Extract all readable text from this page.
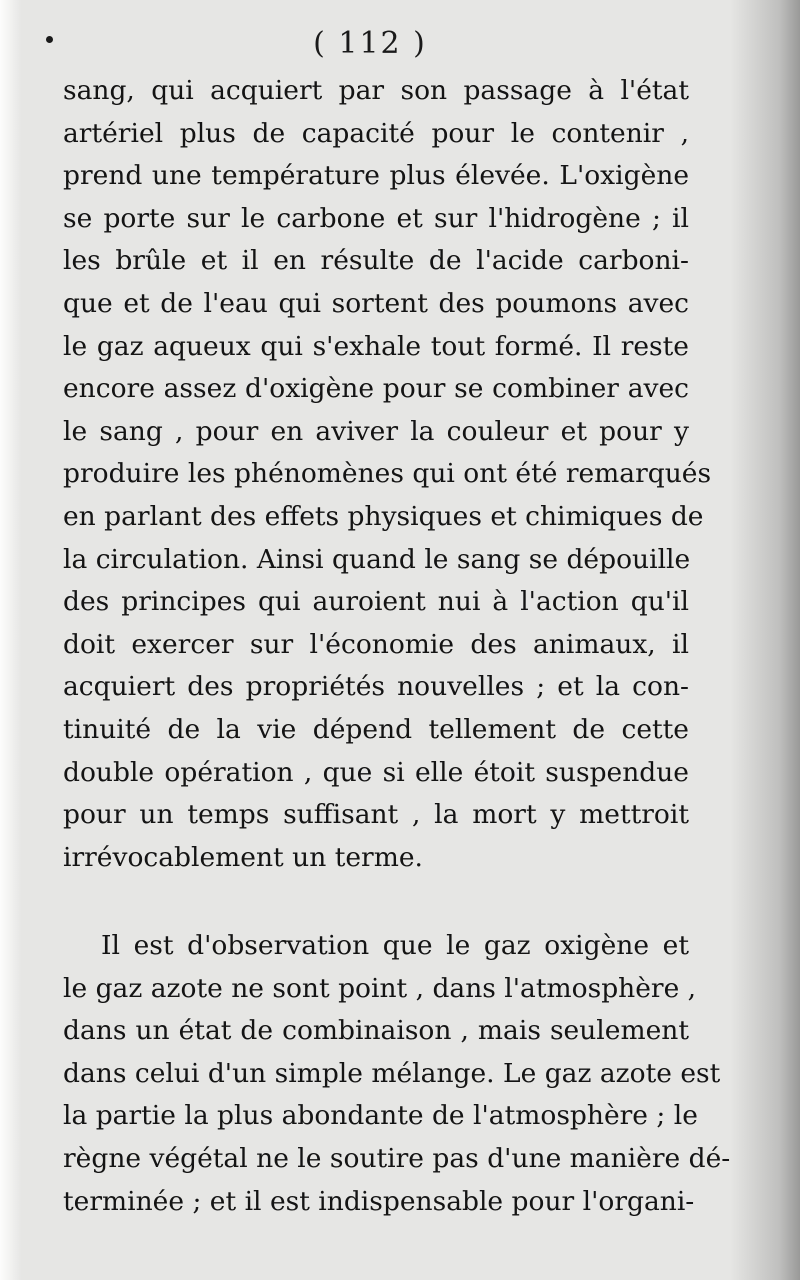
( 112 )
sang, qui acquiert par son passage à l'état
artériel plus de capacité pour le contenir ,
prend une température plus élevée. L'oxigène
se porte sur le carbone et sur l'hidrogène ; il
les brûle et il en résulte de l'acide carboni-
que et de l'eau qui sortent des poumons avec
le gaz aqueux qui s'exhale tout formé. Il reste
encore assez d'oxigène pour se combiner avec
le sang , pour en aviver la couleur et pour y
produire les phénomènes qui ont été remarqués
en parlant des effets physiques et chimiques de
la circulation. Ainsi quand le sang se dépouille
des principes qui auroient nui à l'action qu'il
doit exercer sur l'économie des animaux, il
acquiert des propriétés nouvelles ; et la con-
tinuité de la vie dépend tellement de cette
double opération , que si elle étoit suspendue
pour un temps suffisant , la mort y mettroit
irrévocablement un terme.
Il est d'observation que le gaz oxigène et
le gaz azote ne sont point , dans l'atmosphère ,
dans un état de combinaison , mais seulement
dans celui d'un simple mélange. Le gaz azote est
la partie la plus abondante de l'atmosphère ; le
règne végétal ne le soutire pas d'une manière dé-
terminée ; et il est indispensable pour l'organi-
